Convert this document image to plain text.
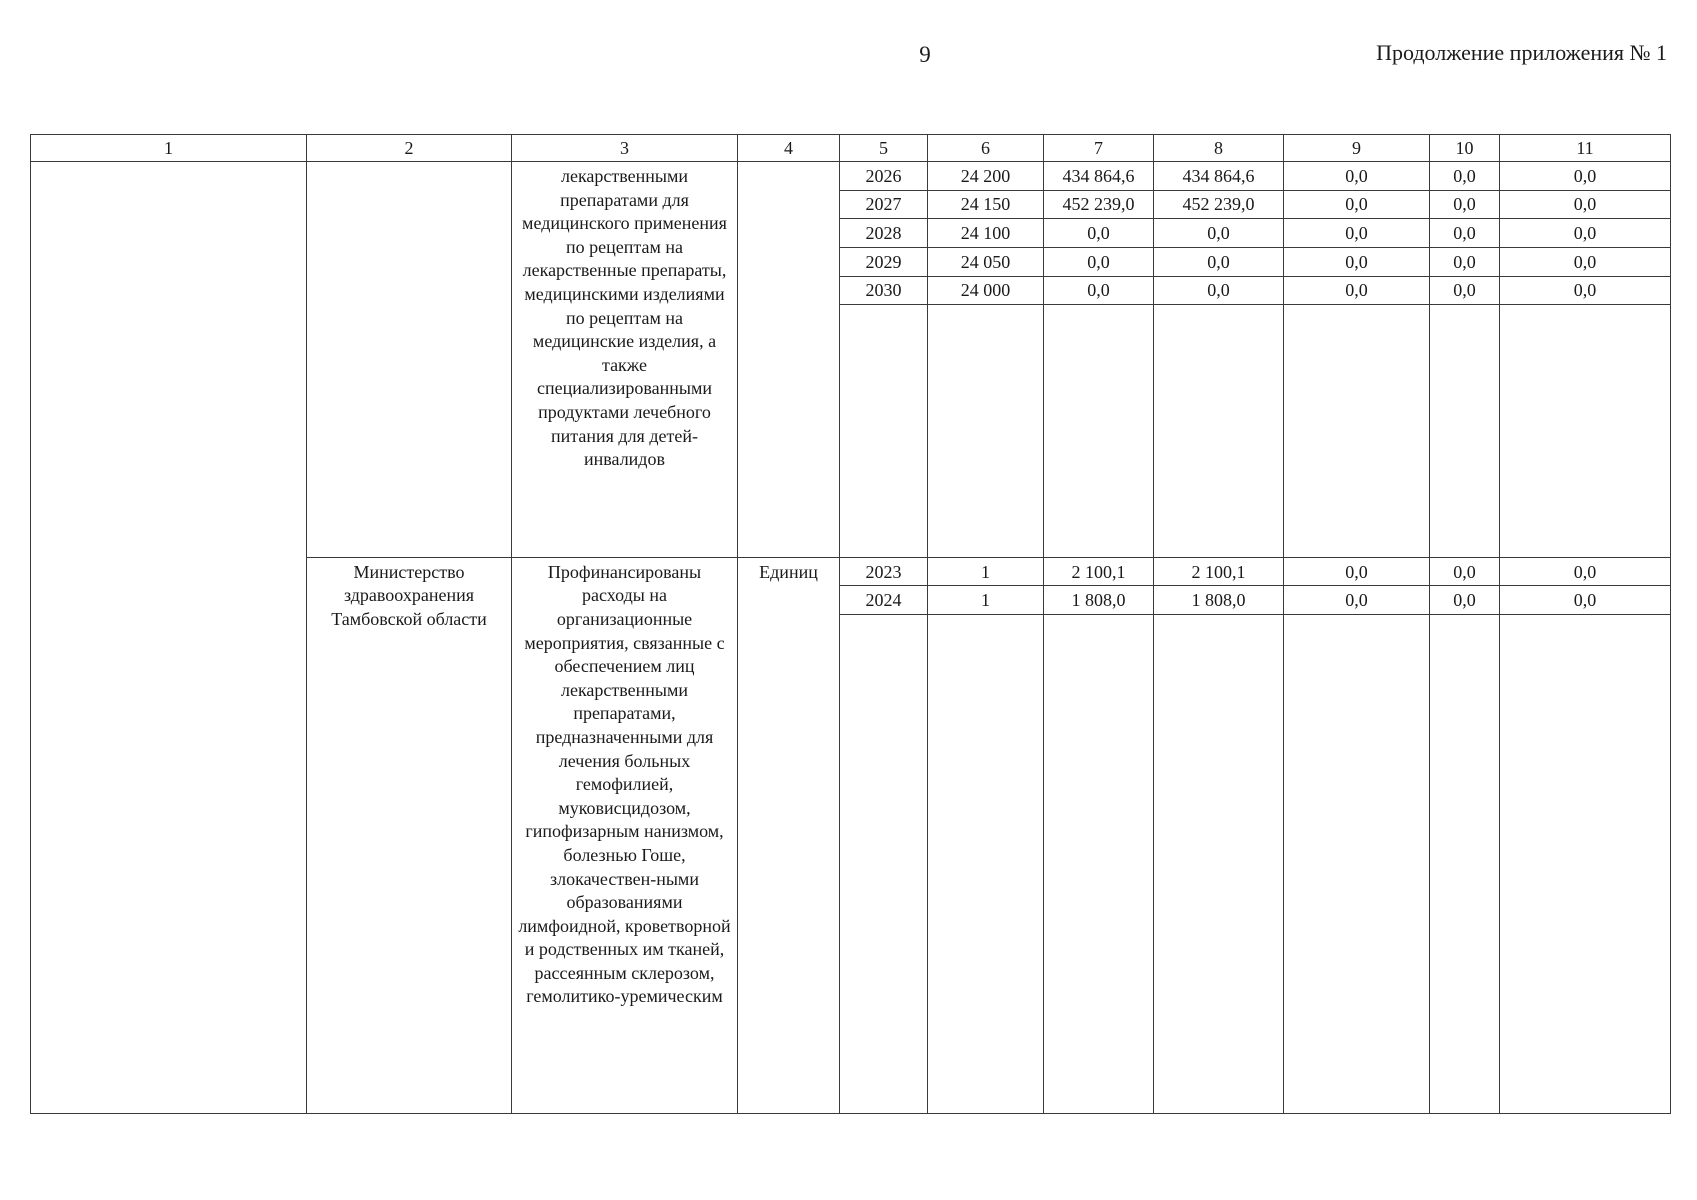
9	Продолжение приложения № 1
1	2	3	4	5	6	7	8	9	10	11
		лекарственными препаратами для медицинского применения по рецептам на лекарственные препараты, медицинскими изделиями по рецептам на медицинские изделия, а также специализированными продуктами лечебного питания для детей-инвалидов		2026	24 200	434 864,6	434 864,6	0,0	0,0	0,0
				2027	24 150	452 239,0	452 239,0	0,0	0,0	0,0
				2028	24 100	0,0	0,0	0,0	0,0	0,0
				2029	24 050	0,0	0,0	0,0	0,0	0,0
				2030	24 000	0,0	0,0	0,0	0,0	0,0

	Министерство здравоохранения Тамбовской области	Профинансированы расходы на организационные мероприятия, связанные с обеспечением лиц лекарственными препаратами, предназначенными для лечения больных гемофилией, муковисцидозом, гипофизарным нанизмом, болезнью Гоше, злокачествен-ными образованиями лимфоидной, кроветворной и родственных им тканей, рассеянным склерозом, гемолитико-уремическим	Единиц	2023	1	2 100,1	2 100,1	0,0	0,0	0,0
				2024	1	1 808,0	1 808,0	0,0	0,0	0,0
